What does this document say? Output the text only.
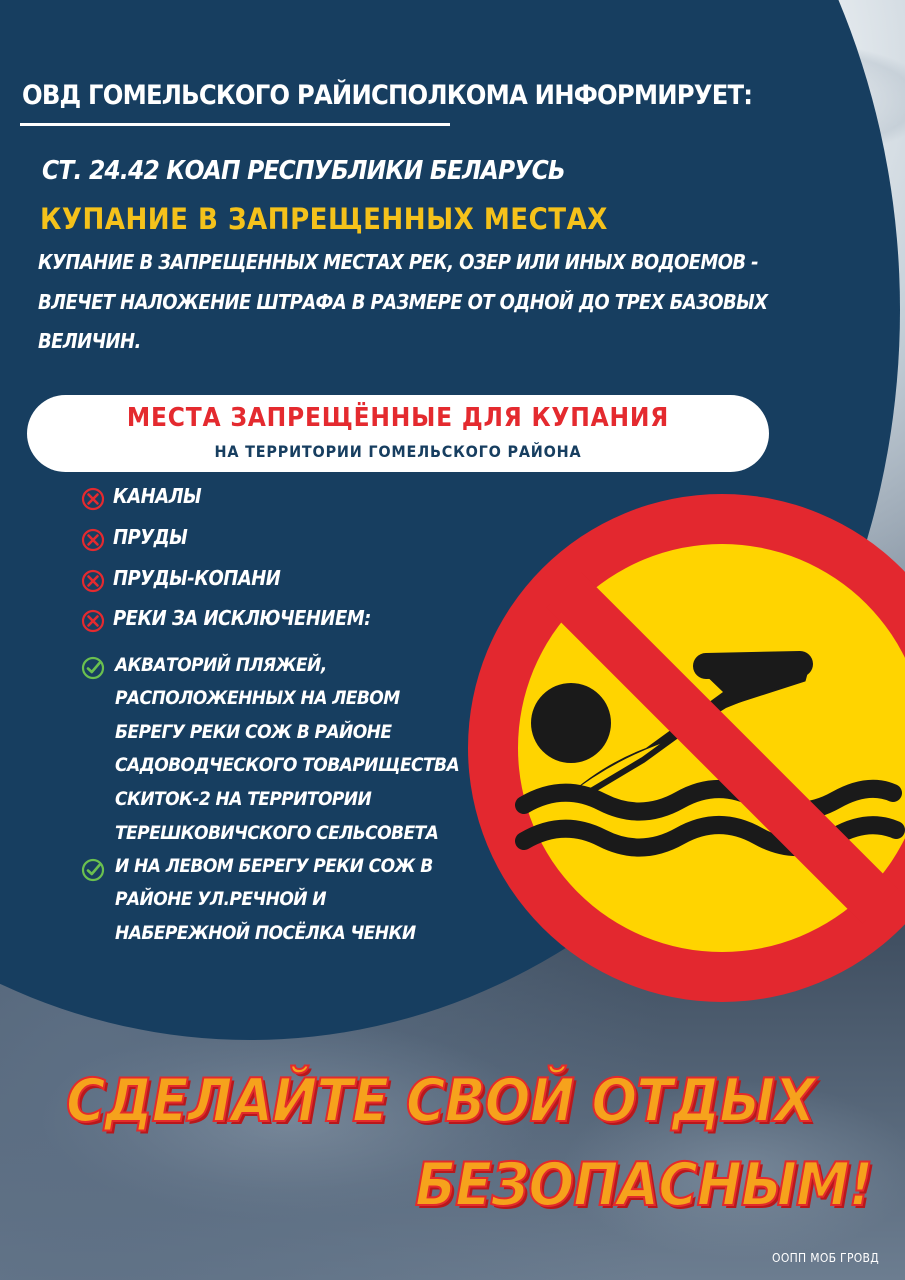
ОВД ГОМЕЛЬСКОГО РАЙИСПОЛКОМА ИНФОРМИРУЕТ:
СТ. 24.42 КОАП РЕСПУБЛИКИ БЕЛАРУСЬ
КУПАНИЕ В ЗАПРЕЩЕННЫХ МЕСТАХ
КУПАНИЕ В ЗАПРЕЩЕННЫХ МЕСТАХ РЕК, ОЗЕР ИЛИ ИНЫХ ВОДОЕМОВ -
ВЛЕЧЕТ НАЛОЖЕНИЕ ШТРАФА В РАЗМЕРЕ ОТ ОДНОЙ ДО ТРЕХ БАЗОВЫХ
ВЕЛИЧИН.
МЕСТА ЗАПРЕЩЁННЫЕ ДЛЯ КУПАНИЯ
НА ТЕРРИТОРИИ ГОМЕЛЬСКОГО РАЙОНА
КАНАЛЫ
ПРУДЫ
ПРУДЫ-КОПАНИ
РЕКИ ЗА ИСКЛЮЧЕНИЕМ:
АКВАТОРИЙ ПЛЯЖЕЙ,
РАСПОЛОЖЕННЫХ НА ЛЕВОМ
БЕРЕГУ РЕКИ СОЖ В РАЙОНЕ
САДОВОДЧЕСКОГО ТОВАРИЩЕСТВА
СКИТОК-2 НА ТЕРРИТОРИИ
ТЕРЕШКОВИЧСКОГО СЕЛЬСОВЕТА
И НА ЛЕВОМ БЕРЕГУ РЕКИ СОЖ В
РАЙОНЕ УЛ.РЕЧНОЙ И
НАБЕРЕЖНОЙ ПОСЁЛКА ЧЕНКИ
СДЕЛАЙТЕ СВОЙ ОТДЫХ
БЕЗОПАСНЫМ!
ООПП МОБ ГРОВД
